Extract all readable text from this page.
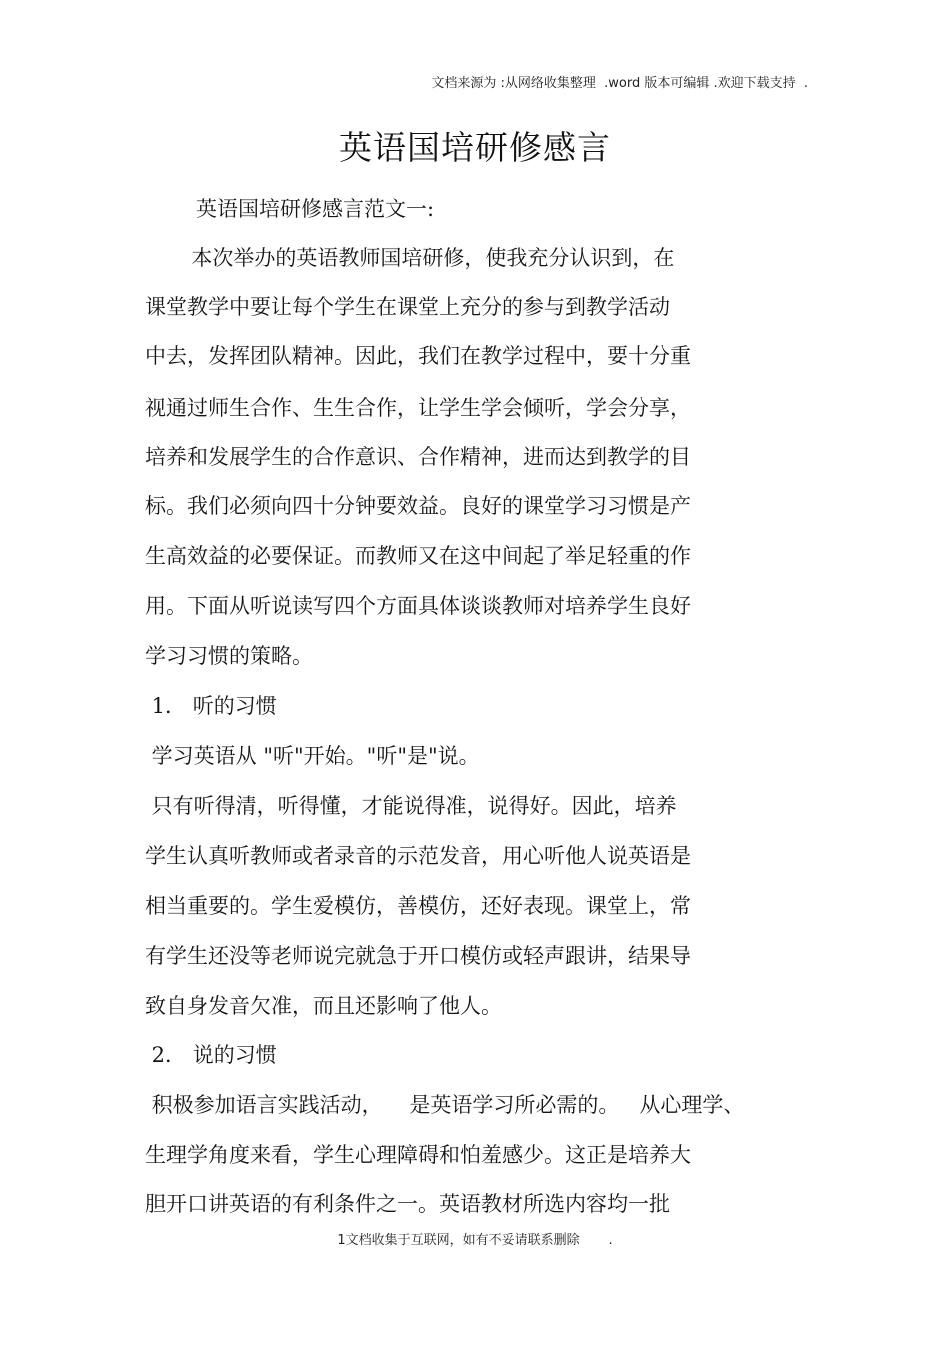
文档来源为 :从网络收集整理  .word 版本可编辑 .欢迎下载支持  .
英语国培研修感言
英语国培研修感言范文一:
本次举办的英语教师国培研修，使我充分认识到，在
课堂教学中要让每个学生在课堂上充分的参与到教学活动
中去，发挥团队精神。因此，我们在教学过程中，要十分重
视通过师生合作、生生合作，让学生学会倾听，学会分享，
培养和发展学生的合作意识、合作精神，进而达到教学的目
标。我们必须向四十分钟要效益。良好的课堂学习习惯是产
生高效益的必要保证。而教师又在这中间起了举足轻重的作
用。下面从听说读写四个方面具体谈谈教师对培养学生良好
学习习惯的策略。
1． 听的习惯
学习英语从 "听"开始。"听"是"说。
只有听得清，听得懂，才能说得准，说得好。因此，培养
学生认真听教师或者录音的示范发音，用心听他人说英语是
相当重要的。学生爱模仿，善模仿，还好表现。课堂上，常
有学生还没等老师说完就急于开口模仿或轻声跟讲，结果导
致自身发音欠准，而且还影响了他人。
2． 说的习惯
积极参加语言实践活动，    是英语学习所必需的。   从心理学、
生理学角度来看，学生心理障碍和怕羞感少。这正是培养大
胆开口讲英语的有利条件之一。英语教材所选内容均一批
1文档收集于互联网，如有不妥请联系删除       .
